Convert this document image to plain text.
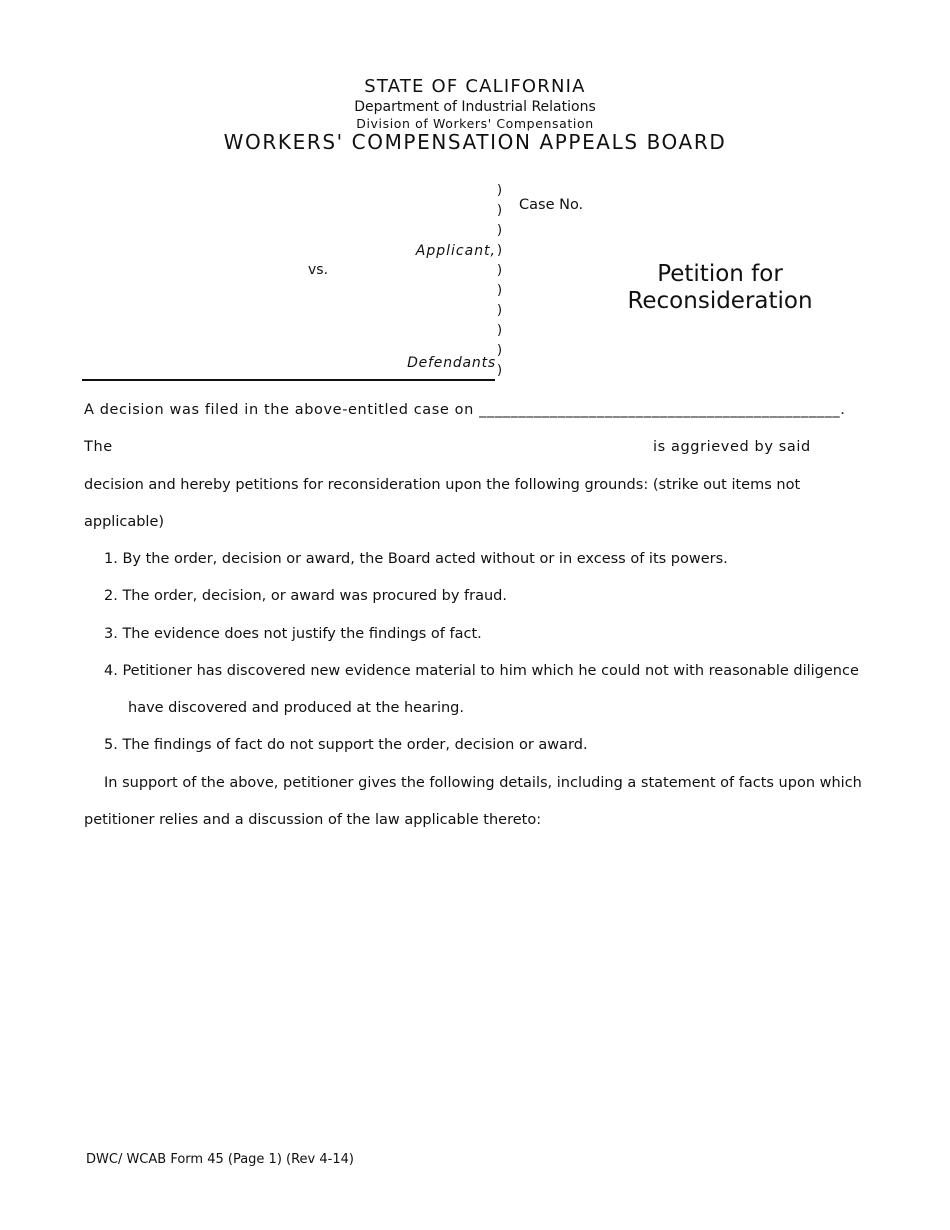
STATE OF CALIFORNIA
Department of Industrial Relations
Division of Workers' Compensation
WORKERS' COMPENSATION APPEALS BOARD
)
)
)
)
)
)
)
)
)
)
Case No.
Applicant,
vs.
Defendants
Petition for
Reconsideration
A decision was filed in the above-entitled case on ______________________________________________.
The	is aggrieved by said
decision and hereby petitions for reconsideration upon the following grounds: (strike out items not
applicable)
1. By the order, decision or award, the Board acted without or in excess of its powers.
2. The order, decision, or award was procured by fraud.
3. The evidence does not justify the findings of fact.
4. Petitioner has discovered new evidence material to him which he could not with reasonable diligence
have discovered and produced at the hearing.
5. The findings of fact do not support the order, decision or award.
In support of the above, petitioner gives the following details, including a statement of facts upon which
petitioner relies and a discussion of the law applicable thereto:
DWC/ WCAB Form 45 (Page 1) (Rev 4-14)
